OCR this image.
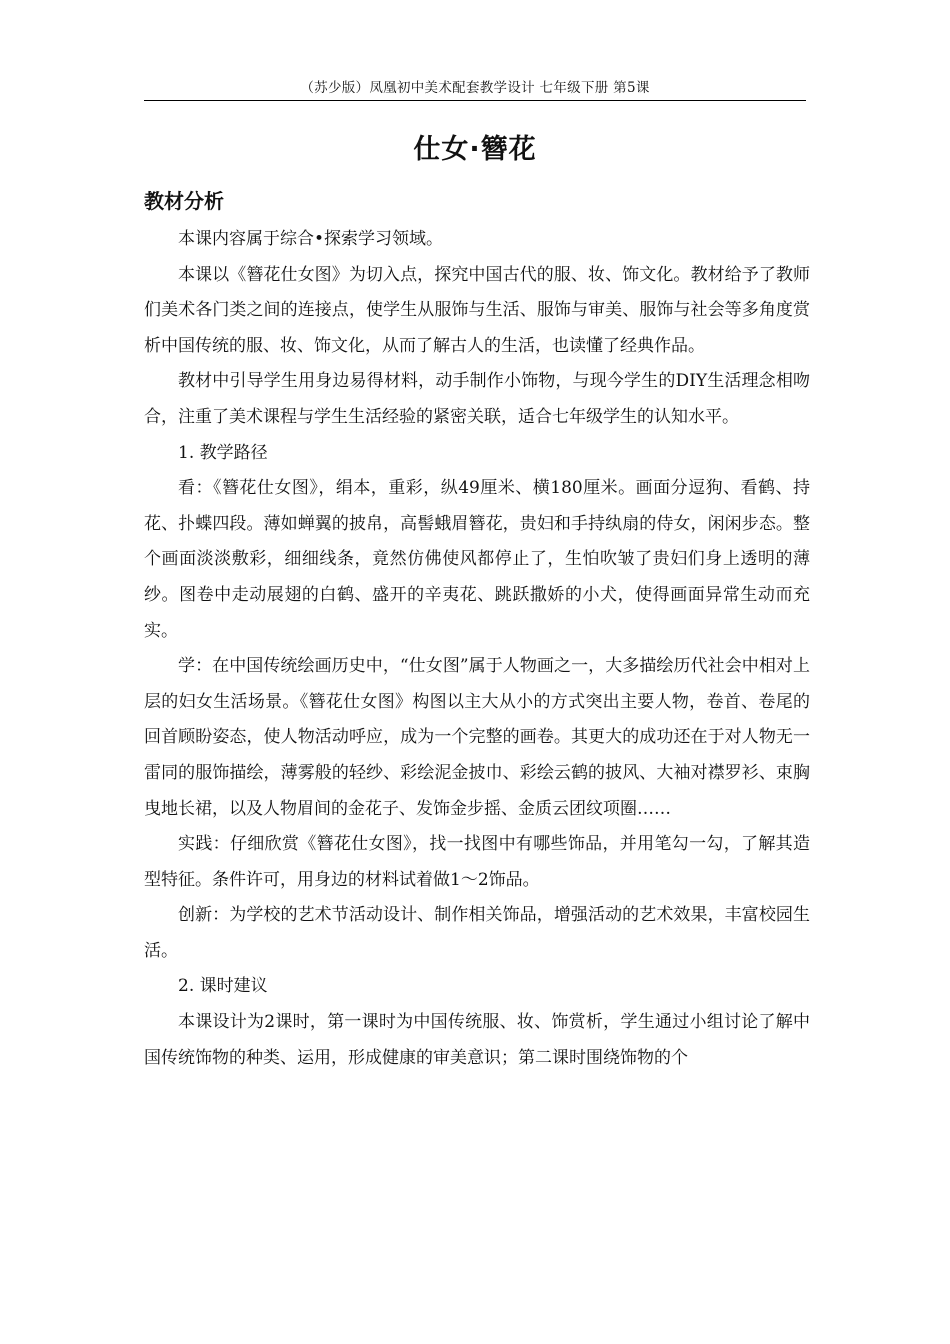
（苏少版）凤凰初中美术配套教学设计 七年级下册 第5课
仕女·簪花
教材分析

本课内容属于综合•探索学习领域。

本课以《簪花仕女图》为切入点，探究中国古代的服、妆、饰文化。教材给予了教师们美术各门类之间的连接点，使学生从服饰与生活、服饰与审美、服饰与社会等多角度赏析中国传统的服、妆、饰文化，从而了解古人的生活，也读懂了经典作品。

教材中引导学生用身边易得材料，动手制作小饰物，与现今学生的DIY生活理念相吻合，注重了美术课程与学生生活经验的紧密关联，适合七年级学生的认知水平。

1. 教学路径

看：《簪花仕女图》，绢本，重彩，纵49厘米、横180厘米。画面分逗狗、看鹤、持花、扑蝶四段。薄如蝉翼的披帛，高髻蛾眉簪花，贵妇和手持纨扇的侍女，闲闲步态。整个画面淡淡敷彩，细细线条，竟然仿佛使风都停止了，生怕吹皱了贵妇们身上透明的薄纱。图卷中走动展翅的白鹤、盛开的辛夷花、跳跃撒娇的小犬，使得画面异常生动而充实。

学：在中国传统绘画历史中，“仕女图”属于人物画之一，大多描绘历代社会中相对上层的妇女生活场景。《簪花仕女图》构图以主大从小的方式突出主要人物，卷首、卷尾的回首顾盼姿态，使人物活动呼应，成为一个完整的画卷。其更大的成功还在于对人物无一雷同的服饰描绘，薄雾般的轻纱、彩绘泥金披巾、彩绘云鹤的披风、大袖对襟罗衫、束胸曳地长裙，以及人物眉间的金花子、发饰金步摇、金质云团纹项圈……

实践：仔细欣赏《簪花仕女图》，找一找图中有哪些饰品，并用笔勾一勾，了解其造型特征。条件许可，用身边的材料试着做1～2饰品。

创新：为学校的艺术节活动设计、制作相关饰品，增强活动的艺术效果，丰富校园生活。

2. 课时建议

本课设计为2课时，第一课时为中国传统服、妆、饰赏析，学生通过小组讨论了解中国传统饰物的种类、运用，形成健康的审美意识；第二课时围绕饰物的个
